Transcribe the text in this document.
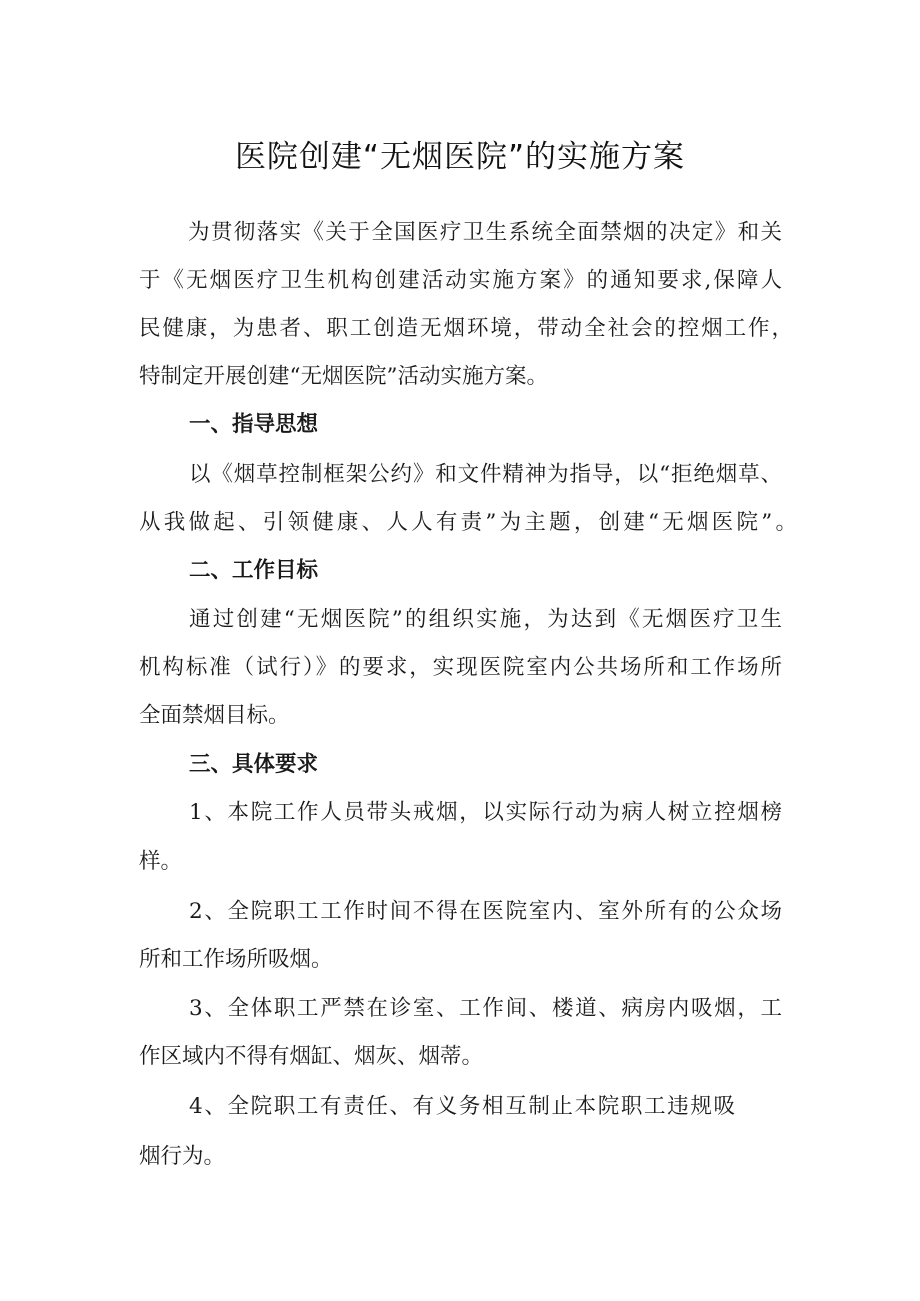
医院创建“无烟医院”的实施方案
为贯彻落实《关于全国医疗卫生系统全面禁烟的决定》和关
于《无烟医疗卫生机构创建活动实施方案》的通知要求,保障人
民健康，为患者、职工创造无烟环境，带动全社会的控烟工作，
特制定开展创建“无烟医院”活动实施方案。
一、指导思想
以《烟草控制框架公约》和文件精神为指导，以“拒绝烟草、
从我做起、引领健康、人人有责”为主题，创建“无烟医院”。
二、工作目标
通过创建“无烟医院”的组织实施，为达到《无烟医疗卫生
机构标准（试行）》的要求，实现医院室内公共场所和工作场所
全面禁烟目标。
三、具体要求
1、本院工作人员带头戒烟，以实际行动为病人树立控烟榜
样。
2、全院职工工作时间不得在医院室内、室外所有的公众场
所和工作场所吸烟。
3、全体职工严禁在诊室、工作间、楼道、病房内吸烟，工
作区域内不得有烟缸、烟灰、烟蒂。
4、全院职工有责任、有义务相互制止本院职工违规吸
烟行为。
